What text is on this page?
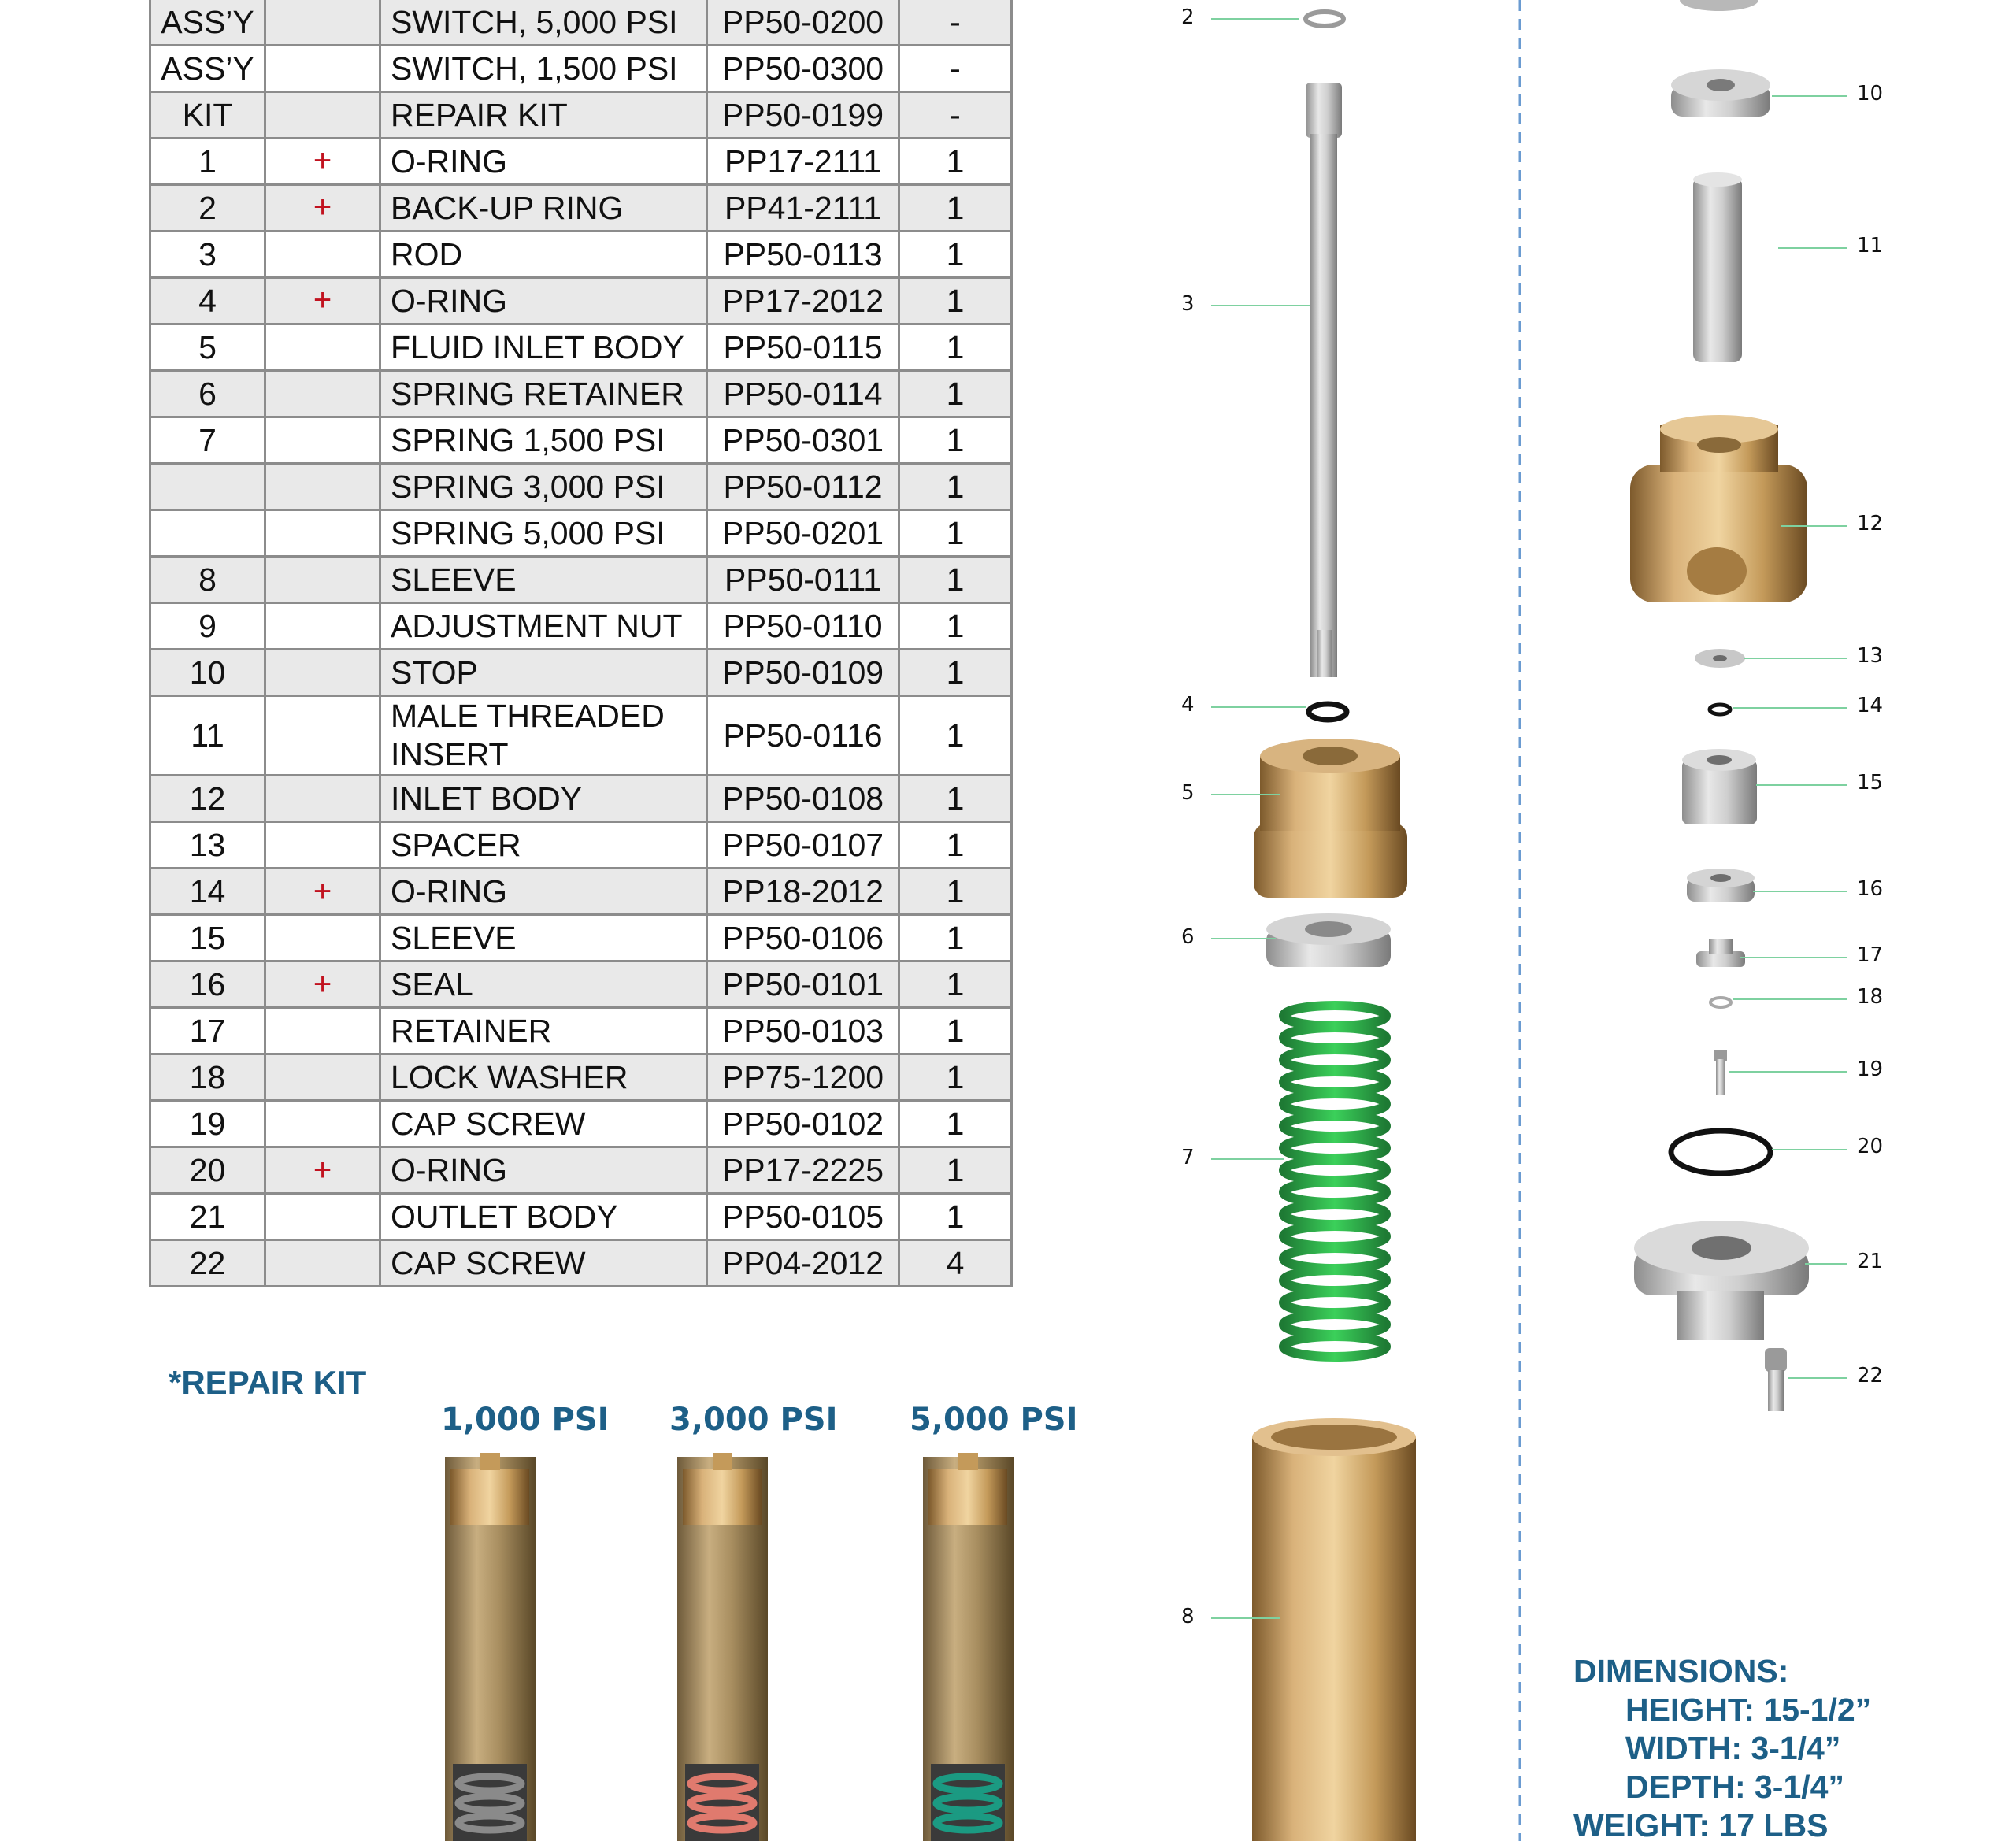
ASS’Y		SWITCH, 5,000 PSI	PP50-0200	-
ASS’Y		SWITCH, 1,500 PSI	PP50-0300	-
KIT		REPAIR KIT	PP50-0199	-
1	+	O-RING	PP17-2111	1
2	+	BACK-UP RING	PP41-2111	1
3		ROD	PP50-0113	1
4	+	O-RING	PP17-2012	1
5		FLUID INLET BODY	PP50-0115	1
6		SPRING RETAINER	PP50-0114	1
7		SPRING 1,500 PSI	PP50-0301	1
		SPRING 3,000 PSI	PP50-0112	1
		SPRING 5,000 PSI	PP50-0201	1
8		SLEEVE	PP50-0111	1
9		ADJUSTMENT NUT	PP50-0110	1
10		STOP	PP50-0109	1
11		MALE THREADED INSERT	PP50-0116	1
12		INLET BODY	PP50-0108	1
13		SPACER	PP50-0107	1
14	+	O-RING	PP18-2012	1
15		SLEEVE	PP50-0106	1
16	+	SEAL	PP50-0101	1
17		RETAINER	PP50-0103	1
18		LOCK WASHER	PP75-1200	1
19		CAP SCREW	PP50-0102	1
20	+	O-RING	PP17-2225	1
21		OUTLET BODY	PP50-0105	1
22		CAP SCREW	PP04-2012	4
*REPAIR KIT
1,000 PSI 3,000 PSI 5,000 PSI
2
3
4
5
6
7
8
10
11
12
13
14
15
16
17
18
19
20
21
22
DIMENSIONS:
HEIGHT: 15-1/2”
WIDTH: 3-1/4”
DEPTH: 3-1/4”
WEIGHT: 17 LBS
